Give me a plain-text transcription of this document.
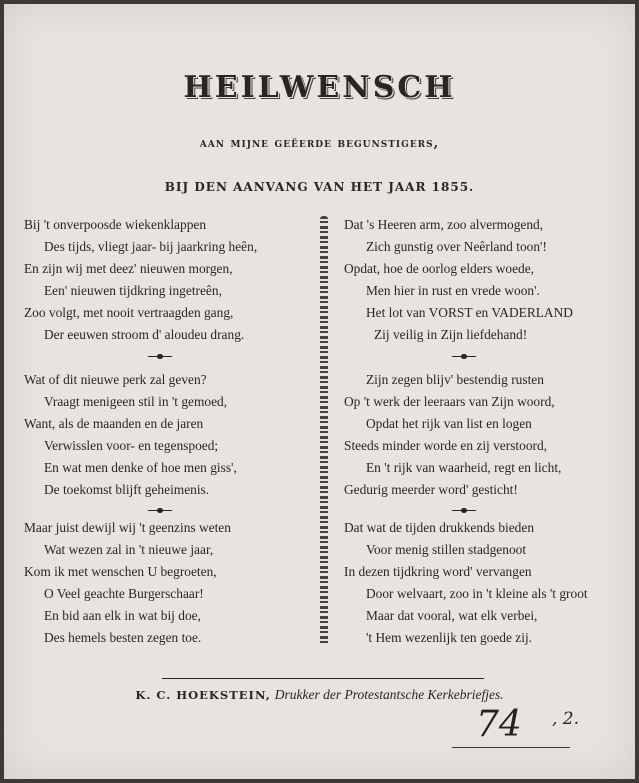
HEILWENSCH
aan mijne geëerde begunstigers,
BIJ DEN AANVANG VAN HET JAAR 1855.
Bij 't onverpoosde wiekenklappen
Des tijds, vliegt jaar- bij jaarkring heên,
En zijn wij met deez' nieuwen morgen,
Een' nieuwen tijdkring ingetreên,
Zoo volgt, met nooit vertraagden gang,
Der eeuwen stroom d' aloudeu drang.
Wat of dit nieuwe perk zal geven?
Vraagt menigeen stil in 't gemoed,
Want, als de maanden en de jaren
Verwisslen voor- en tegenspoed;
En wat men denke of hoe men giss',
De toekomst blijft geheimenis.
Maar juist dewijl wij 't geenzins weten
Wat wezen zal in 't nieuwe jaar,
Kom ik met wenschen U begroeten,
O Veel geachte Burgerschaar!
En bid aan elk in wat bij doe,
Des hemels besten zegen toe.
Dat 's Heeren arm, zoo alvermogend,
Zich gunstig over Neêrland toon'!
Opdat, hoe de oorlog elders woede,
Men hier in rust en vrede woon'.
Het lot van VORST en VADERLAND
Zij veilig in Zijn liefdehand!
Zijn zegen blijv' bestendig rusten
Op 't werk der leeraars van Zijn woord,
Opdat het rijk van list en logen
Steeds minder worde en zij verstoord,
En 't rijk van waarheid, regt en licht,
Gedurig meerder word' gesticht!
Dat wat de tijden drukkends bieden
Voor menig stillen stadgenoot
In dezen tijdkring word' vervangen
Door welvaart, zoo in 't kleine als 't groot
Maar dat vooral, wat elk verbei,
't Hem wezenlijk ten goede zij.
K. C. HOEKSTEIN, Drukker der Protestantsche Kerkebriefjes.
74 , 2.
